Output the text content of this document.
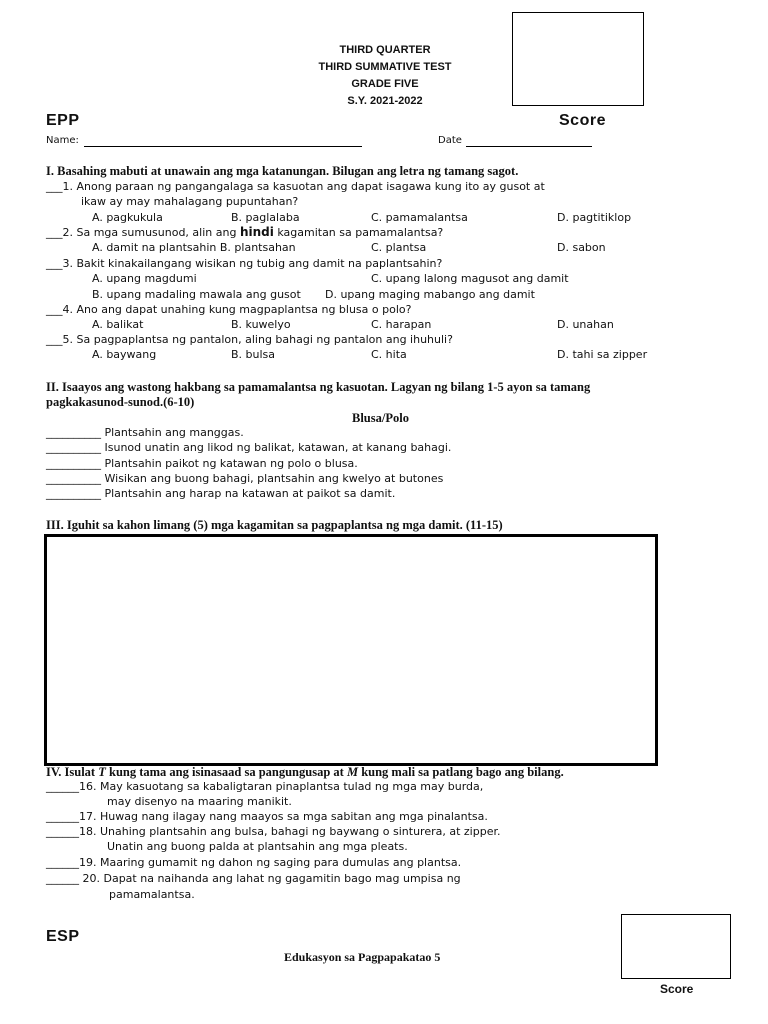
THIRD QUARTER
THIRD SUMMATIVE TEST
GRADE FIVE
S.Y. 2021-2022
EPP	Score
Name:	Date
I. Basahing mabuti at unawain ang mga katanungan. Bilugan ang letra ng tamang sagot.
___1. Anong paraan ng pangangalaga sa kasuotan ang dapat isagawa kung ito ay gusot at
ikaw ay may mahalagang pupuntahan?
A. pagkukula	B. paglalaba	C. pamamalantsa	D. pagtitiklop
___2. Sa mga sumusunod, alin ang hindi kagamitan sa pamamalantsa?
A. damit na plantsahin B. plantsahan	C. plantsa	D. sabon
___3. Bakit kinakailangang wisikan ng tubig ang damit na paplantsahin?
A. upang magdumi	C. upang lalong magusot ang damit
B. upang madaling mawala ang gusot D. upang maging mabango ang damit
___4. Ano ang dapat unahing kung magpaplantsa ng blusa o polo?
A. balikat	B. kuwelyo	C. harapan	D. unahan
___5. Sa pagpaplantsa ng pantalon, aling bahagi ng pantalon ang ihuhuli?
A. baywang	B. bulsa	C. hita	D. tahi sa zipper
II. Isaayos ang wastong hakbang sa pamamalantsa ng kasuotan. Lagyan ng bilang 1-5 ayon sa tamang
pagkakasunod-sunod.(6-10)
Blusa/Polo
__________ Plantsahin ang manggas.
__________ Isunod unatin ang likod ng balikat, katawan, at kanang bahagi.
__________ Plantsahin paikot ng katawan ng polo o blusa.
__________ Wisikan ang buong bahagi, plantsahin ang kwelyo at butones
__________ Plantsahin ang harap na katawan at paikot sa damit.
III. Iguhit sa kahon limang (5) mga kagamitan sa pagpaplantsa ng mga damit. (11-15)
IV. Isulat T kung tama ang isinasaad sa pangungusap at M kung mali sa patlang bago ang bilang.
______16. May kasuotang sa kabaligtaran pinaplantsa tulad ng mga may burda,
may disenyo na maaring manikit.
______17. Huwag nang ilagay nang maayos sa mga sabitan ang mga pinalantsa.
______18. Unahing plantsahin ang bulsa, bahagi ng baywang o sinturera, at zipper.
Unatin ang buong palda at plantsahin ang mga pleats.
______19. Maaring gumamit ng dahon ng saging para dumulas ang plantsa.
______ 20. Dapat na naihanda ang lahat ng gagamitin bago mag umpisa ng
pamamalantsa.
ESP
Edukasyon sa Pagpapakatao 5
Score
